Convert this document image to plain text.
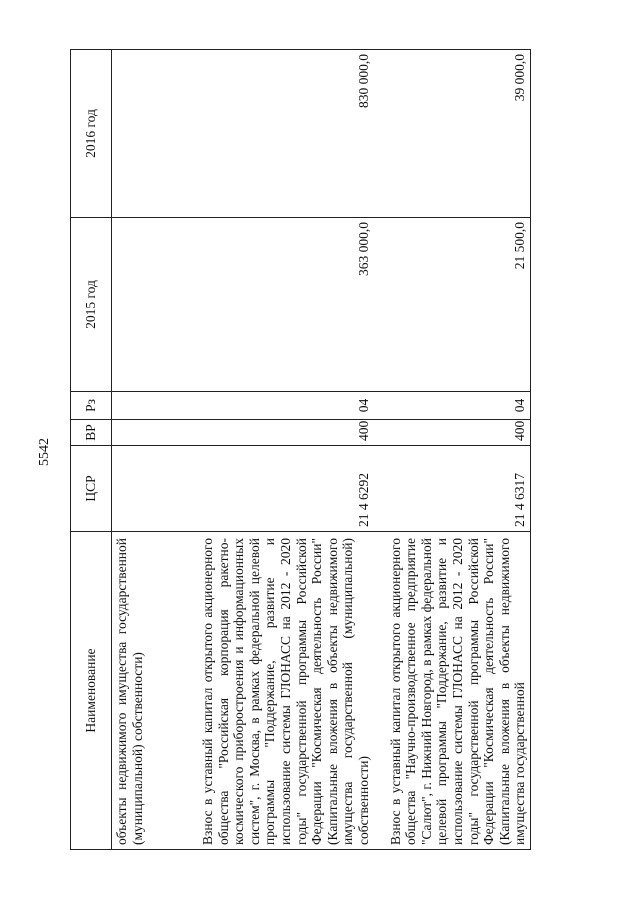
5542
Наименование	ЦСР	ВР	Рз	2015 год	2016 год
объекты недвижимого имущества государственной (муниципальной) собственности)					
Взнос в уставный капитал открытого акционерного общества "Российская корпорация ракетно-космического приборостроения и информационных систем", г. Москва, в рамках федеральной целевой программы "Поддержание, развитие и использование системы ГЛОНАСС на 2012 - 2020 годы" государственной программы Российской Федерации "Космическая деятельность России" (Капитальные вложения в объекты недвижимого имущества государственной (муниципальной) собственности)	21 4 6292	400	04	363 000,0	830 000,0
Взнос в уставный капитал открытого акционерного общества "Научно-производственное предприятие "Салют", г. Нижний Новгород, в рамках федеральной целевой программы "Поддержание, развитие и использование системы ГЛОНАСС на 2012 - 2020 годы" государственной программы Российской Федерации "Космическая деятельность России" (Капитальные вложения в объекты недвижимого имущества государственной	21 4 6317	400	04	21 500,0	39 000,0
